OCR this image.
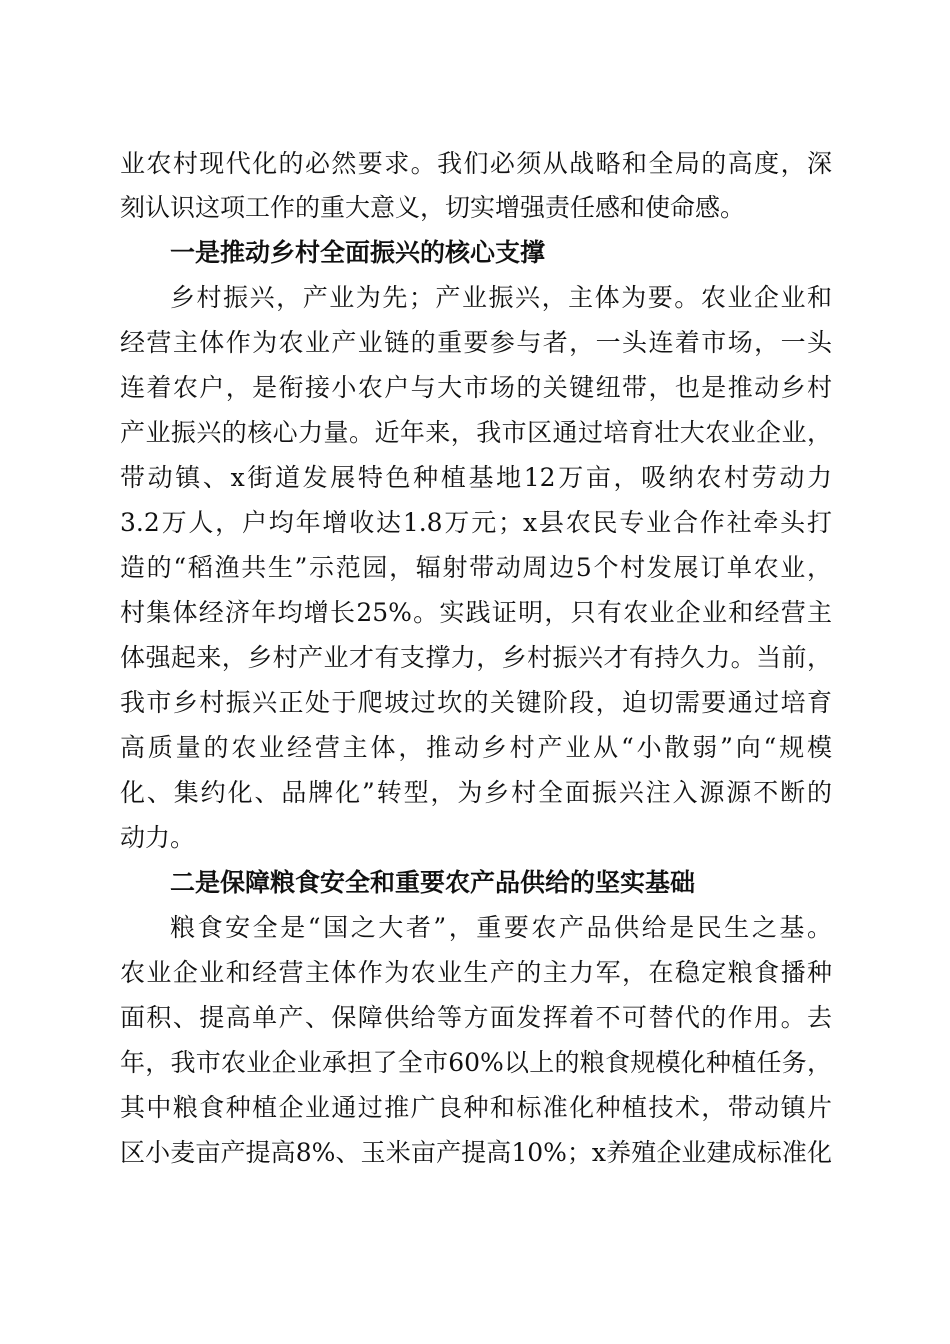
业农村现代化的必然要求。我们必须从战略和全局的高度，深
刻认识这项工作的重大意义，切实增强责任感和使命感。
一是推动乡村全面振兴的核心支撑
乡村振兴，产业为先；产业振兴，主体为要。农业企业和
经营主体作为农业产业链的重要参与者，一头连着市场，一头
连着农户，是衔接小农户与大市场的关键纽带，也是推动乡村
产业振兴的核心力量。近年来，我市区通过培育壮大农业企业，
带动镇、x街道发展特色种植基地12万亩，吸纳农村劳动力
3.2万人，户均年增收达1.8万元；x县农民专业合作社牵头打
造的“稻渔共生”示范园，辐射带动周边5个村发展订单农业，
村集体经济年均增长25%。实践证明，只有农业企业和经营主
体强起来，乡村产业才有支撑力，乡村振兴才有持久力。当前，
我市乡村振兴正处于爬坡过坎的关键阶段，迫切需要通过培育
高质量的农业经营主体，推动乡村产业从“小散弱”向“规模
化、集约化、品牌化”转型，为乡村全面振兴注入源源不断的
动力。
二是保障粮食安全和重要农产品供给的坚实基础
粮食安全是“国之大者”，重要农产品供给是民生之基。
农业企业和经营主体作为农业生产的主力军，在稳定粮食播种
面积、提高单产、保障供给等方面发挥着不可替代的作用。去
年，我市农业企业承担了全市60%以上的粮食规模化种植任务，
其中粮食种植企业通过推广良种和标准化种植技术，带动镇片
区小麦亩产提高8%、玉米亩产提高10%；x养殖企业建成标准化
